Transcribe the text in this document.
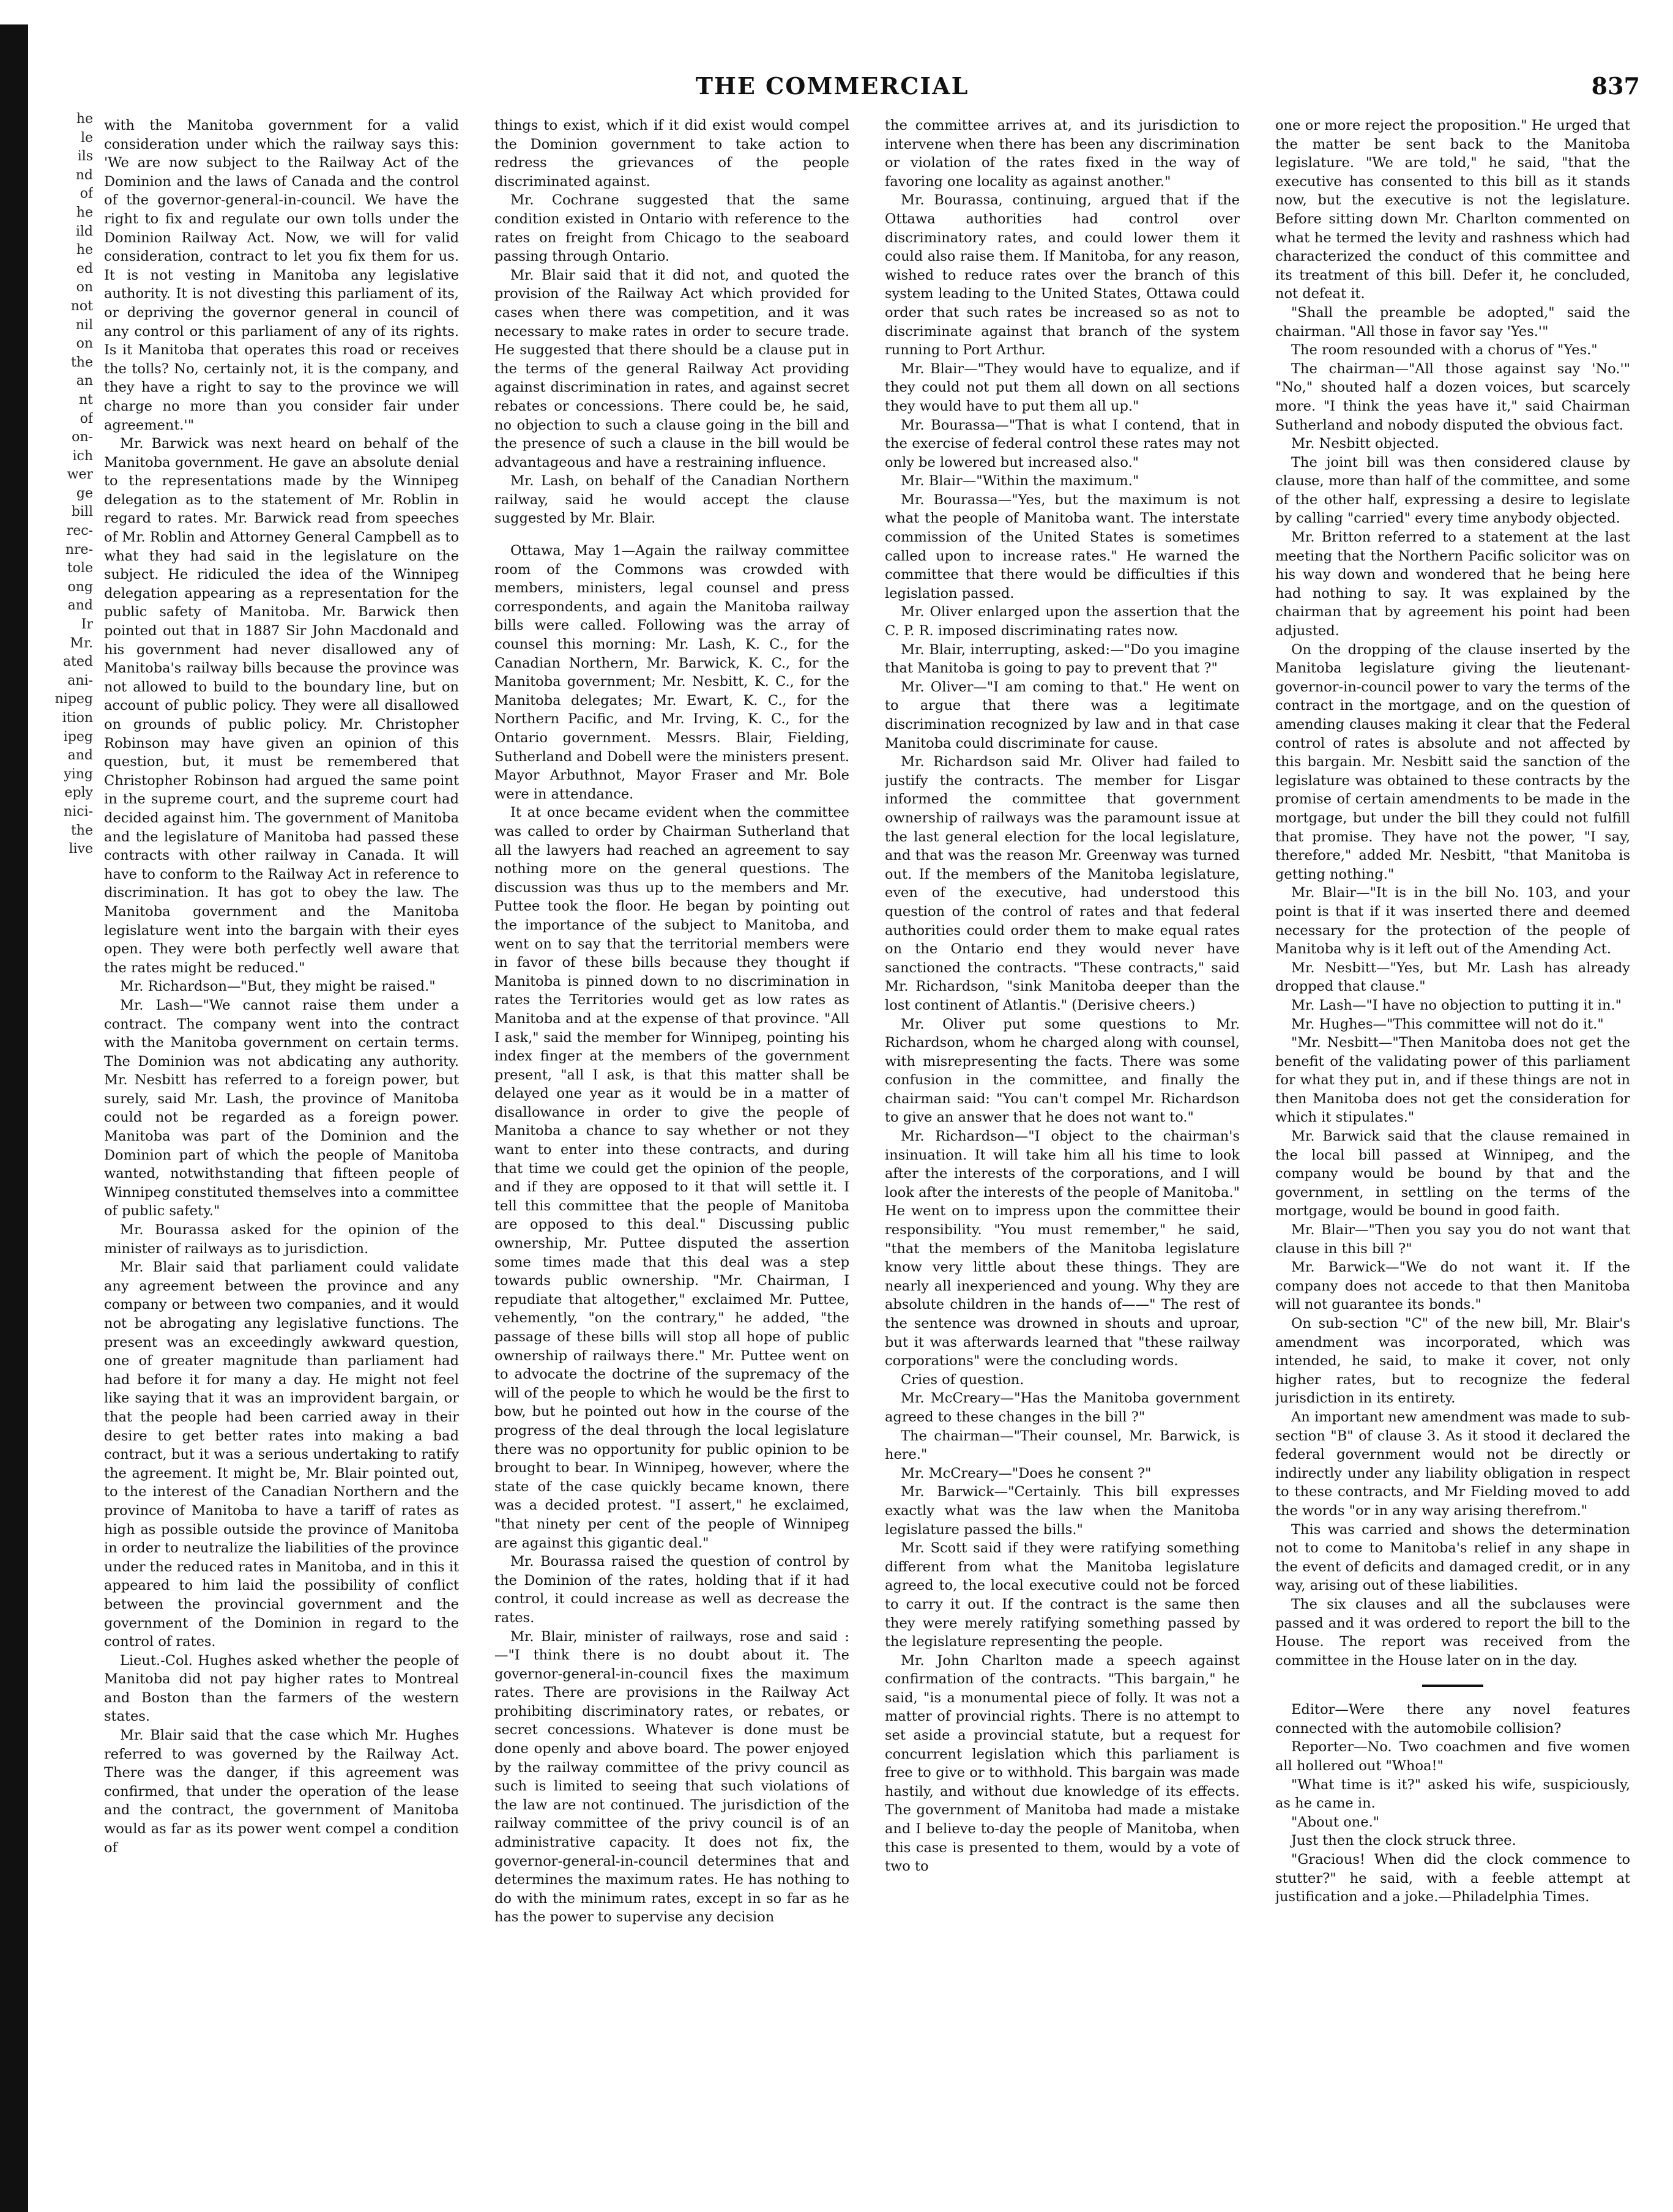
he
le
ils
nd
of
he
ild
he
ed
on
not
nil
on
the
an
nt
of
on-
ich
wer
ge
bill
rec-
nre-
tole
ong
and
Ir
Mr.
ated
ani-
nipeg
ition
ipeg
and
ying
eply
nici-
the
live
THE COMMERCIAL	837

with the Manitoba government for a valid consideration under which the railway says this: 'We are now subject to the Railway Act of the Dominion and the laws of Canada and the control of the governor-general-in-council. We have the right to fix and regulate our own tolls under the Dominion Railway Act. Now, we will for valid consideration, contract to let you fix them for us. It is not vesting in Manitoba any legislative authority. It is not divesting this parliament of its, or depriving the governor general in council of any control or this parliament of any of its rights. Is it Manitoba that operates this road or receives the tolls? No, certainly not, it is the company, and they have a right to say to the province we will charge no more than you consider fair under agreement.'"

Mr. Barwick was next heard on behalf of the Manitoba government. He gave an absolute denial to the representations made by the Winnipeg delegation as to the statement of Mr. Roblin in regard to rates. Mr. Barwick read from speeches of Mr. Roblin and Attorney General Campbell as to what they had said in the legislature on the subject. He ridiculed the idea of the Winnipeg delegation appearing as a representation for the public safety of Manitoba. Mr. Barwick then pointed out that in 1887 Sir John Macdonald and his government had never disallowed any of Manitoba's railway bills because the province was not allowed to build to the boundary line, but on account of public policy. They were all disallowed on grounds of public policy. Mr. Christopher Robinson may have given an opinion of this question, but, it must be remembered that Christopher Robinson had argued the same point in the supreme court, and the supreme court had decided against him. The government of Manitoba and the legislature of Manitoba had passed these contracts with other railway in Canada. It will have to conform to the Railway Act in reference to discrimination. It has got to obey the law. The Manitoba government and the Manitoba legislature went into the bargain with their eyes open. They were both perfectly well aware that the rates might be reduced."

Mr. Richardson—"But, they might be raised."

Mr. Lash—"We cannot raise them under a contract. The company went into the contract with the Manitoba government on certain terms. The Dominion was not abdicating any authority. Mr. Nesbitt has referred to a foreign power, but surely, said Mr. Lash, the province of Manitoba could not be regarded as a foreign power. Manitoba was part of the Dominion and the Dominion part of which the people of Manitoba wanted, notwithstanding that fifteen people of Winnipeg constituted themselves into a committee of public safety."

Mr. Bourassa asked for the opinion of the minister of railways as to jurisdiction.

Mr. Blair said that parliament could validate any agreement between the province and any company or between two companies, and it would not be abrogating any legislative functions. The present was an exceedingly awkward question, one of greater magnitude than parliament had had before it for many a day. He might not feel like saying that it was an improvident bargain, or that the people had been carried away in their desire to get better rates into making a bad contract, but it was a serious undertaking to ratify the agreement. It might be, Mr. Blair pointed out, to the interest of the Canadian Northern and the province of Manitoba to have a tariff of rates as high as possible outside the province of Manitoba in order to neutralize the liabilities of the province under the reduced rates in Manitoba, and in this it appeared to him laid the possibility of conflict between the provincial government and the government of the Dominion in regard to the control of rates.

Lieut.-Col. Hughes asked whether the people of Manitoba did not pay higher rates to Montreal and Boston than the farmers of the western states.

Mr. Blair said that the case which Mr. Hughes referred to was governed by the Railway Act. There was the danger, if this agreement was confirmed, that under the operation of the lease and the contract, the government of Manitoba would as far as its power went compel a condition of

things to exist, which if it did exist would compel the Dominion government to take action to redress the grievances of the people discriminated against.

Mr. Cochrane suggested that the same condition existed in Ontario with reference to the rates on freight from Chicago to the seaboard passing through Ontario.

Mr. Blair said that it did not, and quoted the provision of the Railway Act which provided for cases when there was competition, and it was necessary to make rates in order to secure trade. He suggested that there should be a clause put in the terms of the general Railway Act providing against discrimination in rates, and against secret rebates or concessions. There could be, he said, no objection to such a clause going in the bill and the presence of such a clause in the bill would be advantageous and have a restraining influence.

Mr. Lash, on behalf of the Canadian Northern railway, said he would accept the clause suggested by Mr. Blair.

Ottawa, May 1—Again the railway committee room of the Commons was crowded with members, ministers, legal counsel and press correspondents, and again the Manitoba railway bills were called. Following was the array of counsel this morning: Mr. Lash, K. C., for the Canadian Northern, Mr. Barwick, K. C., for the Manitoba government; Mr. Nesbitt, K. C., for the Manitoba delegates; Mr. Ewart, K. C., for the Northern Pacific, and Mr. Irving, K. C., for the Ontario government. Messrs. Blair, Fielding, Sutherland and Dobell were the ministers present. Mayor Arbuthnot, Mayor Fraser and Mr. Bole were in attendance.

It at once became evident when the committee was called to order by Chairman Sutherland that all the lawyers had reached an agreement to say nothing more on the general questions. The discussion was thus up to the members and Mr. Puttee took the floor. He began by pointing out the importance of the subject to Manitoba, and went on to say that the territorial members were in favor of these bills because they thought if Manitoba is pinned down to no discrimination in rates the Territories would get as low rates as Manitoba and at the expense of that province. "All I ask," said the member for Winnipeg, pointing his index finger at the members of the government present, "all I ask, is that this matter shall be delayed one year as it would be in a matter of disallowance in order to give the people of Manitoba a chance to say whether or not they want to enter into these contracts, and during that time we could get the opinion of the people, and if they are opposed to it that will settle it. I tell this committee that the people of Manitoba are opposed to this deal." Discussing public ownership, Mr. Puttee disputed the assertion some times made that this deal was a step towards public ownership. "Mr. Chairman, I repudiate that altogether," exclaimed Mr. Puttee, vehemently, "on the contrary," he added, "the passage of these bills will stop all hope of public ownership of railways there." Mr. Puttee went on to advocate the doctrine of the supremacy of the will of the people to which he would be the first to bow, but he pointed out how in the course of the progress of the deal through the local legislature there was no opportunity for public opinion to be brought to bear. In Winnipeg, however, where the state of the case quickly became known, there was a decided protest. "I assert," he exclaimed, "that ninety per cent of the people of Winnipeg are against this gigantic deal."

Mr. Bourassa raised the question of control by the Dominion of the rates, holding that if it had control, it could increase as well as decrease the rates.

Mr. Blair, minister of railways, rose and said :—"I think there is no doubt about it. The governor-general-in-council fixes the maximum rates. There are provisions in the Railway Act prohibiting discriminatory rates, or rebates, or secret concessions. Whatever is done must be done openly and above board. The power enjoyed by the railway committee of the privy council as such is limited to seeing that such violations of the law are not continued. The jurisdiction of the railway committee of the privy council is of an administrative capacity. It does not fix, the governor-general-in-council determines that and determines the maximum rates. He has nothing to do with the minimum rates, except in so far as he has the power to supervise any decision

the committee arrives at, and its jurisdiction to intervene when there has been any discrimination or violation of the rates fixed in the way of favoring one locality as against another."

Mr. Bourassa, continuing, argued that if the Ottawa authorities had control over discriminatory rates, and could lower them it could also raise them. If Manitoba, for any reason, wished to reduce rates over the branch of this system leading to the United States, Ottawa could order that such rates be increased so as not to discriminate against that branch of the system running to Port Arthur.

Mr. Blair—"They would have to equalize, and if they could not put them all down on all sections they would have to put them all up."

Mr. Bourassa—"That is what I contend, that in the exercise of federal control these rates may not only be lowered but increased also."

Mr. Blair—"Within the maximum."

Mr. Bourassa—"Yes, but the maximum is not what the people of Manitoba want. The interstate commission of the United States is sometimes called upon to increase rates." He warned the committee that there would be difficulties if this legislation passed.

Mr. Oliver enlarged upon the assertion that the C. P. R. imposed discriminating rates now.

Mr. Blair, interrupting, asked:—"Do you imagine that Manitoba is going to pay to prevent that ?"

Mr. Oliver—"I am coming to that." He went on to argue that there was a legitimate discrimination recognized by law and in that case Manitoba could discriminate for cause.

Mr. Richardson said Mr. Oliver had failed to justify the contracts. The member for Lisgar informed the committee that government ownership of railways was the paramount issue at the last general election for the local legislature, and that was the reason Mr. Greenway was turned out. If the members of the Manitoba legislature, even of the executive, had understood this question of the control of rates and that federal authorities could order them to make equal rates on the Ontario end they would never have sanctioned the contracts. "These contracts," said Mr. Richardson, "sink Manitoba deeper than the lost continent of Atlantis." (Derisive cheers.)

Mr. Oliver put some questions to Mr. Richardson, whom he charged along with counsel, with misrepresenting the facts. There was some confusion in the committee, and finally the chairman said: "You can't compel Mr. Richardson to give an answer that he does not want to."

Mr. Richardson—"I object to the chairman's insinuation. It will take him all his time to look after the interests of the corporations, and I will look after the interests of the people of Manitoba." He went on to impress upon the committee their responsibility. "You must remember," he said, "that the members of the Manitoba legislature know very little about these things. They are nearly all inexperienced and young. Why they are absolute children in the hands of——" The rest of the sentence was drowned in shouts and uproar, but it was afterwards learned that "these railway corporations" were the concluding words.

Cries of question.

Mr. McCreary—"Has the Manitoba government agreed to these changes in the bill ?"

The chairman—"Their counsel, Mr. Barwick, is here."

Mr. McCreary—"Does he consent ?"

Mr. Barwick—"Certainly. This bill expresses exactly what was the law when the Manitoba legislature passed the bills."

Mr. Scott said if they were ratifying something different from what the Manitoba legislature agreed to, the local executive could not be forced to carry it out. If the contract is the same then they were merely ratifying something passed by the legislature representing the people.

Mr. John Charlton made a speech against confirmation of the contracts. "This bargain," he said, "is a monumental piece of folly. It was not a matter of provincial rights. There is no attempt to set aside a provincial statute, but a request for concurrent legislation which this parliament is free to give or to withhold. This bargain was made hastily, and without due knowledge of its effects. The government of Manitoba had made a mistake and I believe to-day the people of Manitoba, when this case is presented to them, would by a vote of two to

one or more reject the proposition." He urged that the matter be sent back to the Manitoba legislature. "We are told," he said, "that the executive has consented to this bill as it stands now, but the executive is not the legislature. Before sitting down Mr. Charlton commented on what he termed the levity and rashness which had characterized the conduct of this committee and its treatment of this bill. Defer it, he concluded, not defeat it.

"Shall the preamble be adopted," said the chairman. "All those in favor say 'Yes.'"

The room resounded with a chorus of "Yes."

The chairman—"All those against say 'No.'" "No," shouted half a dozen voices, but scarcely more. "I think the yeas have it," said Chairman Sutherland and nobody disputed the obvious fact.

Mr. Nesbitt objected.

The joint bill was then considered clause by clause, more than half of the committee, and some of the other half, expressing a desire to legislate by calling "carried" every time anybody objected.

Mr. Britton referred to a statement at the last meeting that the Northern Pacific solicitor was on his way down and wondered that he being here had nothing to say. It was explained by the chairman that by agreement his point had been adjusted.

On the dropping of the clause inserted by the Manitoba legislature giving the lieutenant-governor-in-council power to vary the terms of the contract in the mortgage, and on the question of amending clauses making it clear that the Federal control of rates is absolute and not affected by this bargain. Mr. Nesbitt said the sanction of the legislature was obtained to these contracts by the promise of certain amendments to be made in the mortgage, but under the bill they could not fulfill that promise. They have not the power, "I say, therefore," added Mr. Nesbitt, "that Manitoba is getting nothing."

Mr. Blair—"It is in the bill No. 103, and your point is that if it was inserted there and deemed necessary for the protection of the people of Manitoba why is it left out of the Amending Act.

Mr. Nesbitt—"Yes, but Mr. Lash has already dropped that clause."

Mr. Lash—"I have no objection to putting it in."

Mr. Hughes—"This committee will not do it."

"Mr. Nesbitt—"Then Manitoba does not get the benefit of the validating power of this parliament for what they put in, and if these things are not in then Manitoba does not get the consideration for which it stipulates."

Mr. Barwick said that the clause remained in the local bill passed at Winnipeg, and the company would be bound by that and the government, in settling on the terms of the mortgage, would be bound in good faith.

Mr. Blair—"Then you say you do not want that clause in this bill ?"

Mr. Barwick—"We do not want it. If the company does not accede to that then Manitoba will not guarantee its bonds."

On sub-section "C" of the new bill, Mr. Blair's amendment was incorporated, which was intended, he said, to make it cover, not only higher rates, but to recognize the federal jurisdiction in its entirety.

An important new amendment was made to sub-section "B" of clause 3. As it stood it declared the federal government would not be directly or indirectly under any liability obligation in respect to these contracts, and Mr Fielding moved to add the words "or in any way arising therefrom."

This was carried and shows the determination not to come to Manitoba's relief in any shape in the event of deficits and damaged credit, or in any way, arising out of these liabilities.

The six clauses and all the subclauses were passed and it was ordered to report the bill to the House. The report was received from the committee in the House later on in the day.

Editor—Were there any novel features connected with the automobile collision?

Reporter—No. Two coachmen and five women all hollered out "Whoa!"

"What time is it?" asked his wife, suspiciously, as he came in.

"About one."

Just then the clock struck three.

"Gracious! When did the clock commence to stutter?" he said, with a feeble attempt at justification and a joke.—Philadelphia Times.
